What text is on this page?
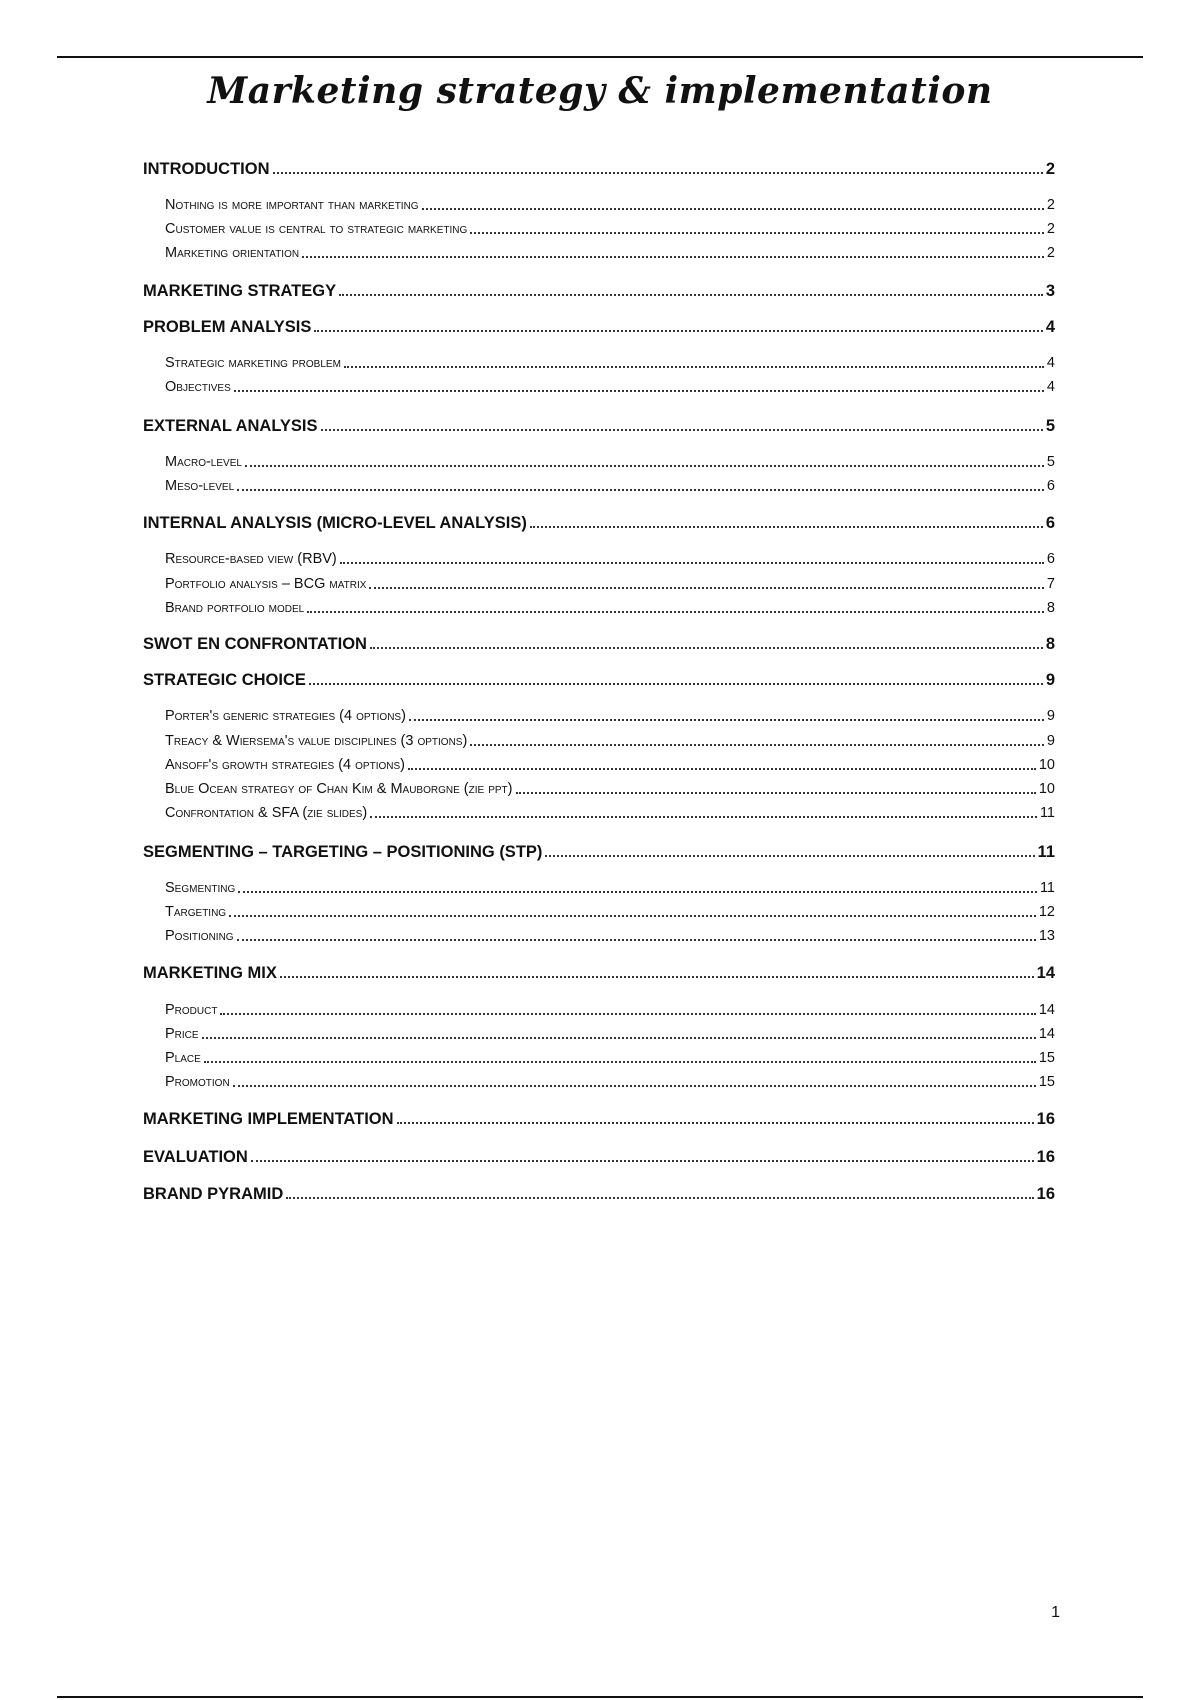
Marketing strategy & implementation
INTRODUCTION	2
Nothing is more important than marketing	2
Customer value is central to strategic marketing	2
Marketing orientation	2
MARKETING STRATEGY	3
PROBLEM ANALYSIS	4
Strategic marketing problem	4
Objectives	4
EXTERNAL ANALYSIS	5
Macro-level	5
Meso-level	6
INTERNAL ANALYSIS (MICRO-LEVEL ANALYSIS)	6
Resource-based view (RBV)	6
Portfolio analysis – BCG matrix	7
Brand portfolio model	8
SWOT EN CONFRONTATION	8
STRATEGIC CHOICE	9
Porter's generic strategies (4 options)	9
Treacy & Wiersema's value disciplines (3 options)	9
Ansoff's growth strategies (4 options)	10
Blue Ocean strategy of Chan Kim & Mauborgne (zie ppt)	10
Confrontation & SFA (zie slides)	11
SEGMENTING – TARGETING – POSITIONING (STP)	11
Segmenting	11
Targeting	12
Positioning	13
MARKETING MIX	14
Product	14
Price	14
Place	15
Promotion	15
MARKETING IMPLEMENTATION	16
EVALUATION	16
BRAND PYRAMID	16
1
